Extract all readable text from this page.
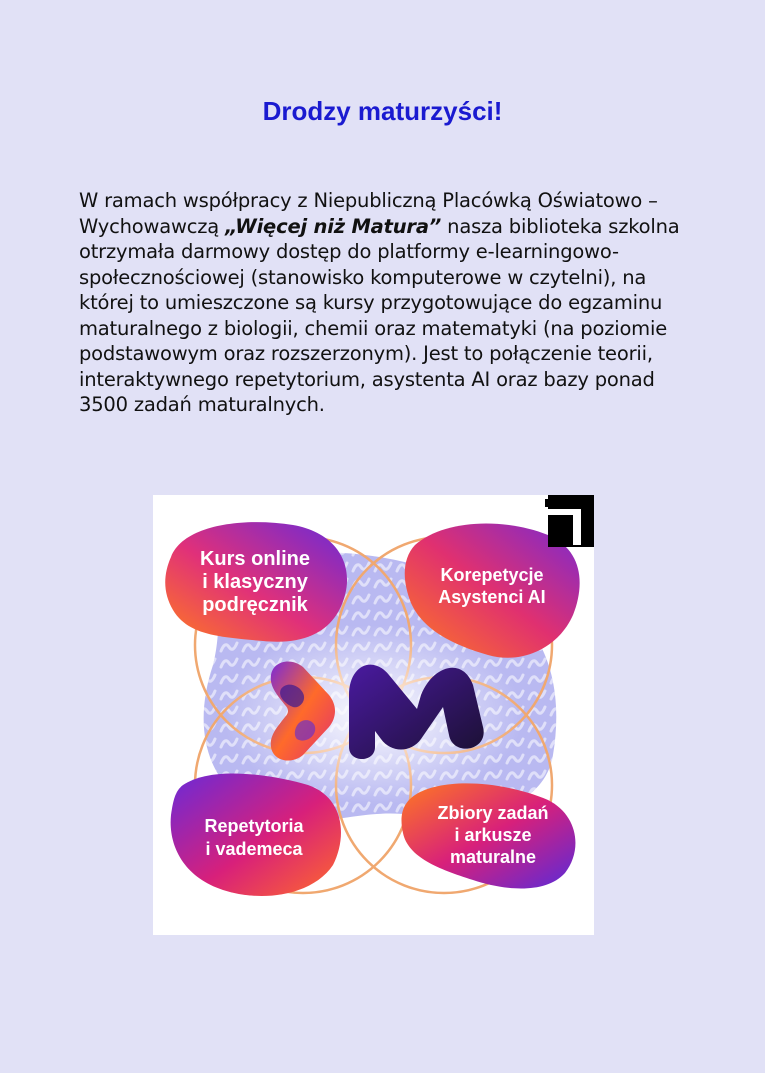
Drodzy maturzyści!

W ramach współpracy z Niepubliczną Placówką Oświatowo – Wychowawczą „Więcej niż Matura” nasza biblioteka szkolna otrzymała darmowy dostęp do platformy e-learningowo-społecznościowej (stanowisko komputerowe w czytelni), na której to umieszczone są kursy przygotowujące do egzaminu maturalnego z biologii, chemii oraz matematyki (na poziomie podstawowym oraz rozszerzonym). Jest to połączenie teorii, interaktywnego repetytorium, asystenta AI oraz bazy ponad 3500 zadań maturalnych.

Kurs online
i klasyczny
podręcznik
Korepetycje
Asystenci AI
Repetytoria
i vademeca
Zbiory zadań
i arkusze
maturalne
